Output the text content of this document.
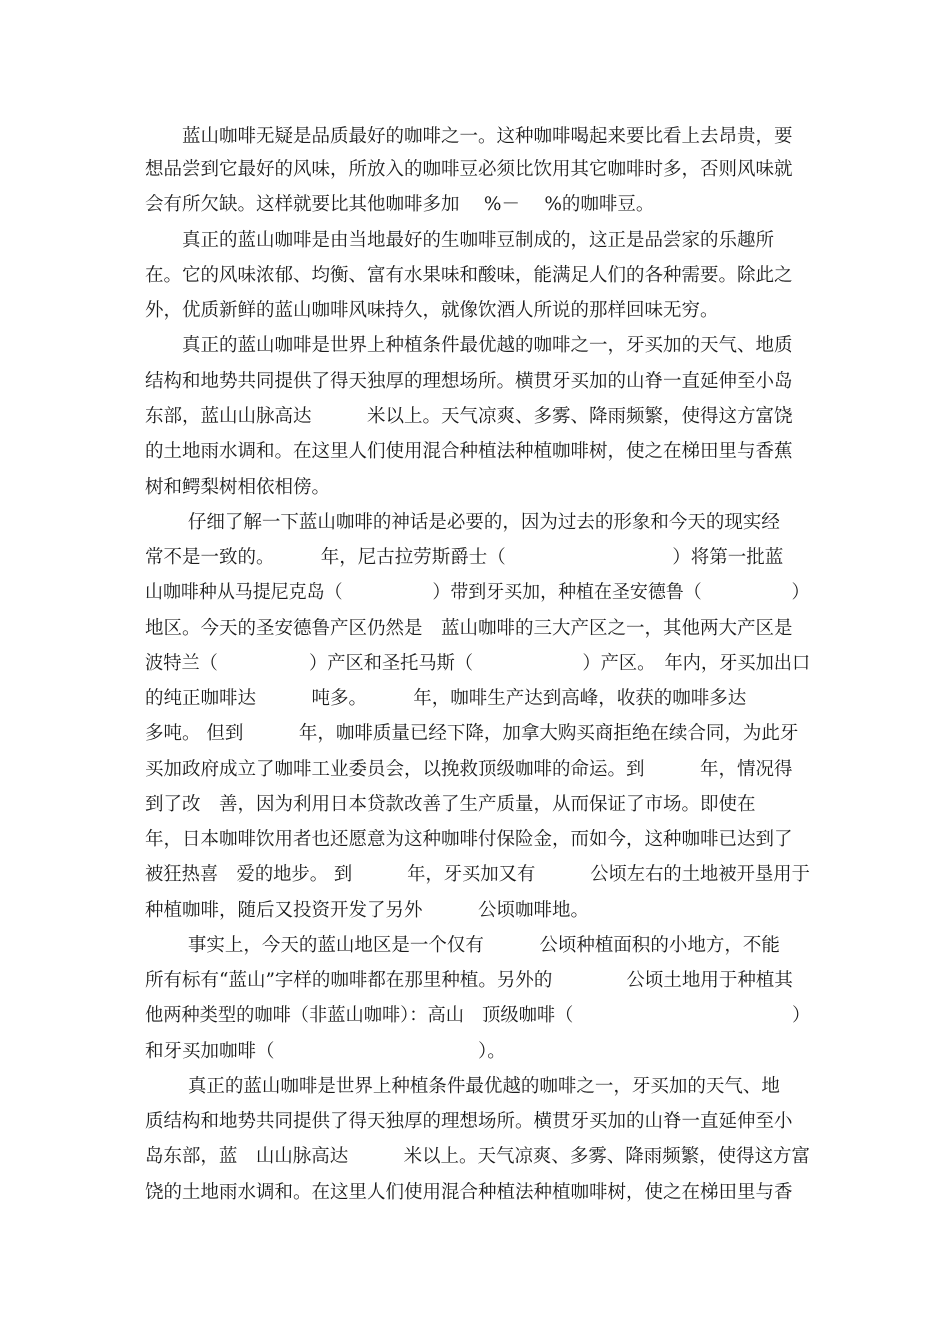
　　蓝山咖啡无疑是品质最好的咖啡之一。这种咖啡喝起来要比看上去昂贵，要
想品尝到它最好的风味，所放入的咖啡豆必须比饮用其它咖啡时多，否则风味就
会有所欠缺。这样就要比其他咖啡多加　 %－　 %的咖啡豆。
　　真正的蓝山咖啡是由当地最好的生咖啡豆制成的，这正是品尝家的乐趣所
在。它的风味浓郁、均衡、富有水果味和酸味，能满足人们的各种需要。除此之
外，优质新鲜的蓝山咖啡风味持久，就像饮酒人所说的那样回味无穷。
　　真正的蓝山咖啡是世界上种植条件最优越的咖啡之一，牙买加的天气、地质
结构和地势共同提供了得天独厚的理想场所。横贯牙买加的山脊一直延伸至小岛
东部，蓝山山脉高达　　　米以上。天气凉爽、多雾、降雨频繁，使得这方富饶
的土地雨水调和。在这里人们使用混合种植法种植咖啡树，使之在梯田里与香蕉
树和鳄梨树相依相傍。
　　 仔细了解一下蓝山咖啡的神话是必要的，因为过去的形象和今天的现实经
常不是一致的。　　　年，尼古拉劳斯爵士（　　　　　　　　　）将第一批蓝
山咖啡种从马提尼克岛（　　　　　）带到牙买加，种植在圣安德鲁（　　　　　）
地区。今天的圣安德鲁产区仍然是　蓝山咖啡的三大产区之一，其他两大产区是
波特兰（　　　　　）产区和圣托马斯（　　　　　　）产区。　年内，牙买加出口
的纯正咖啡达　　　吨多。　　　年，咖啡生产达到高峰，收获的咖啡多达
多吨。 但到　　　年，咖啡质量已经下降，加拿大购买商拒绝在续合同，为此牙
买加政府成立了咖啡工业委员会，以挽救顶级咖啡的命运。到　　　年，情况得
到了改　善，因为利用日本贷款改善了生产质量，从而保证了市场。即使在
年，日本咖啡饮用者也还愿意为这种咖啡付保险金，而如今，这种咖啡已达到了
被狂热喜　爱的地步。 到　　　年，牙买加又有　　　公顷左右的土地被开垦用于
种植咖啡，随后又投资开发了另外　　　公顷咖啡地。
　　 事实上，今天的蓝山地区是一个仅有　　　公顷种植面积的小地方，不能
所有标有“蓝山”字样的咖啡都在那里种植。另外的　　　　公顷土地用于种植其
他两种类型的咖啡（非蓝山咖啡）：高山　顶级咖啡（　　　　　　　　　　　　）
和牙买加咖啡（　　　　　　　　　　　）。
　　 真正的蓝山咖啡是世界上种植条件最优越的咖啡之一，牙买加的天气、地
质结构和地势共同提供了得天独厚的理想场所。横贯牙买加的山脊一直延伸至小
岛东部，蓝　山山脉高达　　　米以上。天气凉爽、多雾、降雨频繁，使得这方富
饶的土地雨水调和。在这里人们使用混合种植法种植咖啡树，使之在梯田里与香
